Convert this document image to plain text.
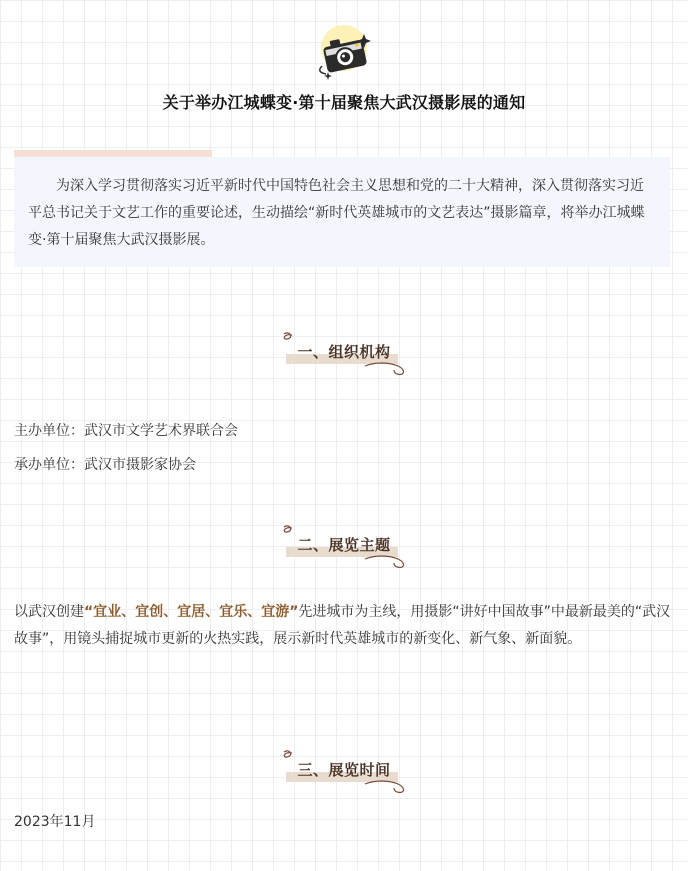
关于举办江城蝶变·第十届聚焦大武汉摄影展的通知

为深入学习贯彻落实习近平新时代中国特色社会主义思想和党的二十大精神，深入贯彻落实习近平总书记关于文艺工作的重要论述，生动描绘“新时代英雄城市的文艺表达”摄影篇章，将举办江城蝶变·第十届聚焦大武汉摄影展。

一、组织机构
主办单位：武汉市文学艺术界联合会
承办单位：武汉市摄影家协会
二、展览主题

以武汉创建“宜业、宜创、宜居、宜乐、宜游”先进城市为主线，用摄影“讲好中国故事”中最新最美的“武汉故事”，用镜头捕捉城市更新的火热实践，展示新时代英雄城市的新变化、新气象、新面貌。

三、展览时间
2023年11月
